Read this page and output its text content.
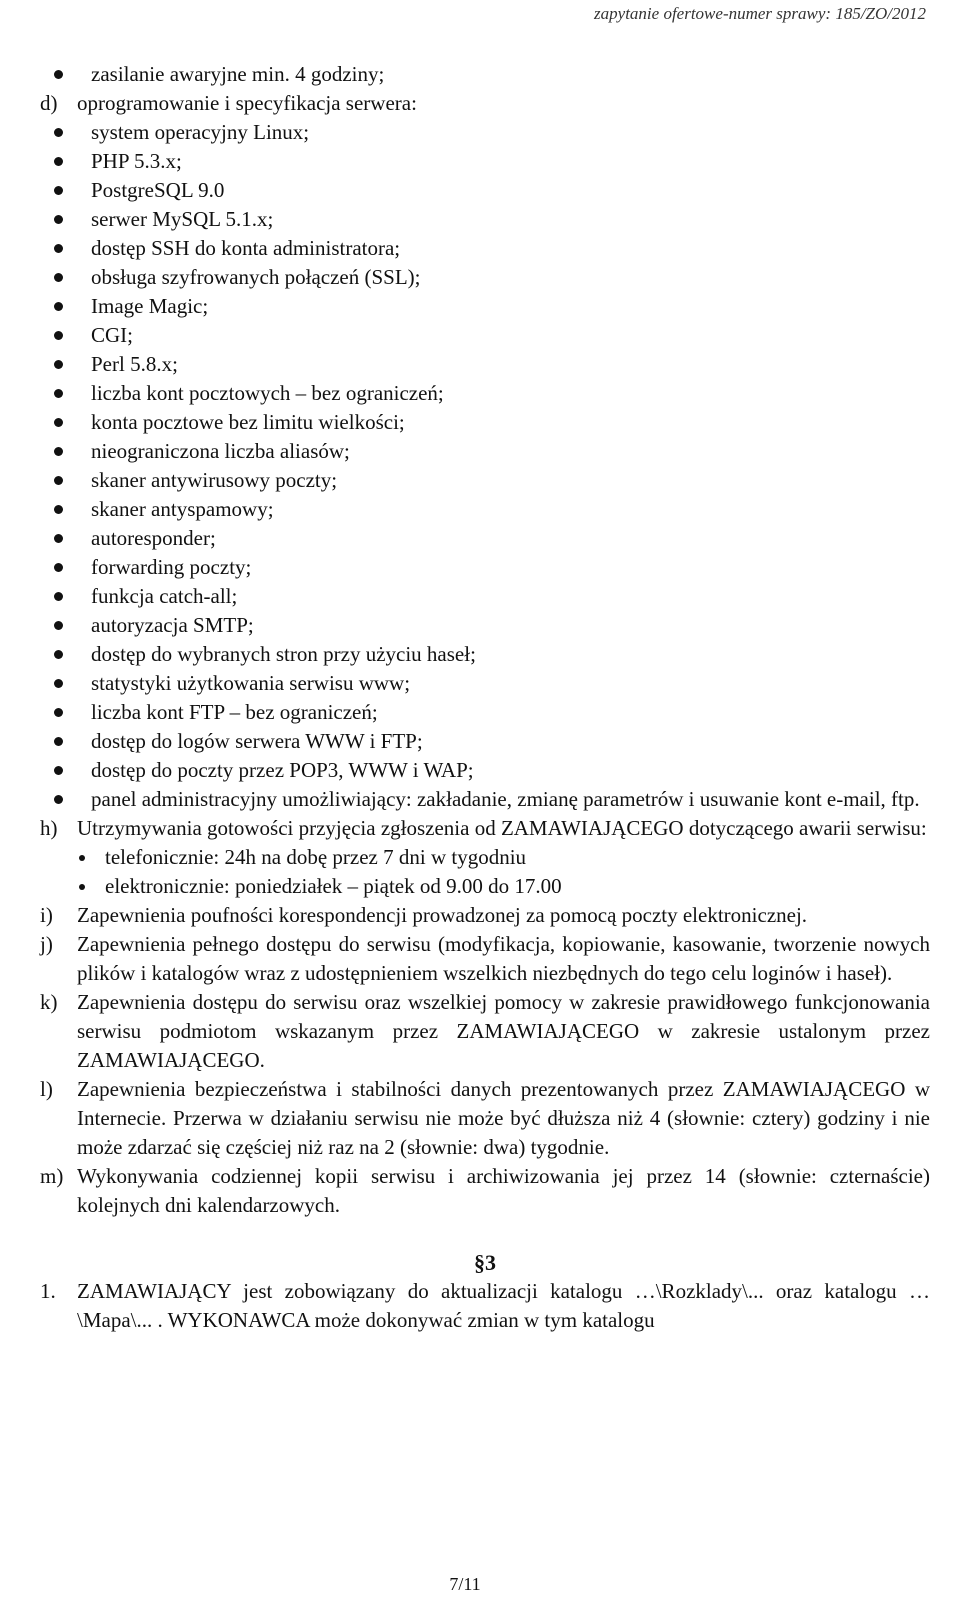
zapytanie ofertowe-numer sprawy: 185/ZO/2012
zasilanie awaryjne min. 4 godziny;
d) oprogramowanie i specyfikacja serwera:
system operacyjny Linux;
PHP 5.3.x;
PostgreSQL 9.0
serwer MySQL 5.1.x;
dostęp SSH do konta administratora;
obsługa szyfrowanych połączeń (SSL);
Image Magic;
CGI;
Perl 5.8.x;
liczba kont pocztowych – bez ograniczeń;
konta pocztowe bez limitu wielkości;
nieograniczona liczba aliasów;
skaner antywirusowy poczty;
skaner antyspamowy;
autoresponder;
forwarding poczty;
funkcja catch-all;
autoryzacja SMTP;
dostęp do wybranych stron przy użyciu haseł;
statystyki użytkowania serwisu www;
liczba kont FTP – bez ograniczeń;
dostęp do logów serwera WWW i FTP;
dostęp do poczty przez POP3, WWW i WAP;
panel administracyjny umożliwiający: zakładanie, zmianę parametrów i usuwanie kont e-mail, ftp.
h) Utrzymywania gotowości przyjęcia zgłoszenia od ZAMAWIAJĄCEGO dotyczącego awarii serwisu:
telefonicznie: 24h na dobę przez 7 dni w tygodniu
elektronicznie: poniedziałek – piątek od 9.00 do 17.00
i) Zapewnienia poufności korespondencji prowadzonej za pomocą poczty elektronicznej.
j) Zapewnienia pełnego dostępu do serwisu (modyfikacja, kopiowanie, kasowanie, tworzenie nowych plików i katalogów wraz z udostępnieniem wszelkich niezbędnych do tego celu loginów i haseł).
k) Zapewnienia dostępu do serwisu oraz wszelkiej pomocy w zakresie prawidłowego funkcjonowania serwisu podmiotom wskazanym przez ZAMAWIAJĄCEGO w zakresie ustalonym przez ZAMAWIAJĄCEGO.
l) Zapewnienia bezpieczeństwa i stabilności danych prezentowanych przez ZAMAWIAJĄCEGO w Internecie. Przerwa w działaniu serwisu nie może być dłuższa niż 4 (słownie: cztery) godziny i nie może zdarzać się częściej niż raz na 2 (słownie: dwa) tygodnie.
m) Wykonywania codziennej kopii serwisu i archiwizowania jej przez 14 (słownie: czternaście) kolejnych dni kalendarzowych.
§3
1. ZAMAWIAJĄCY jest zobowiązany do aktualizacji katalogu …\Rozklady\... oraz katalogu …\Mapa\... . WYKONAWCA może dokonywać zmian w tym katalogu
7/11
